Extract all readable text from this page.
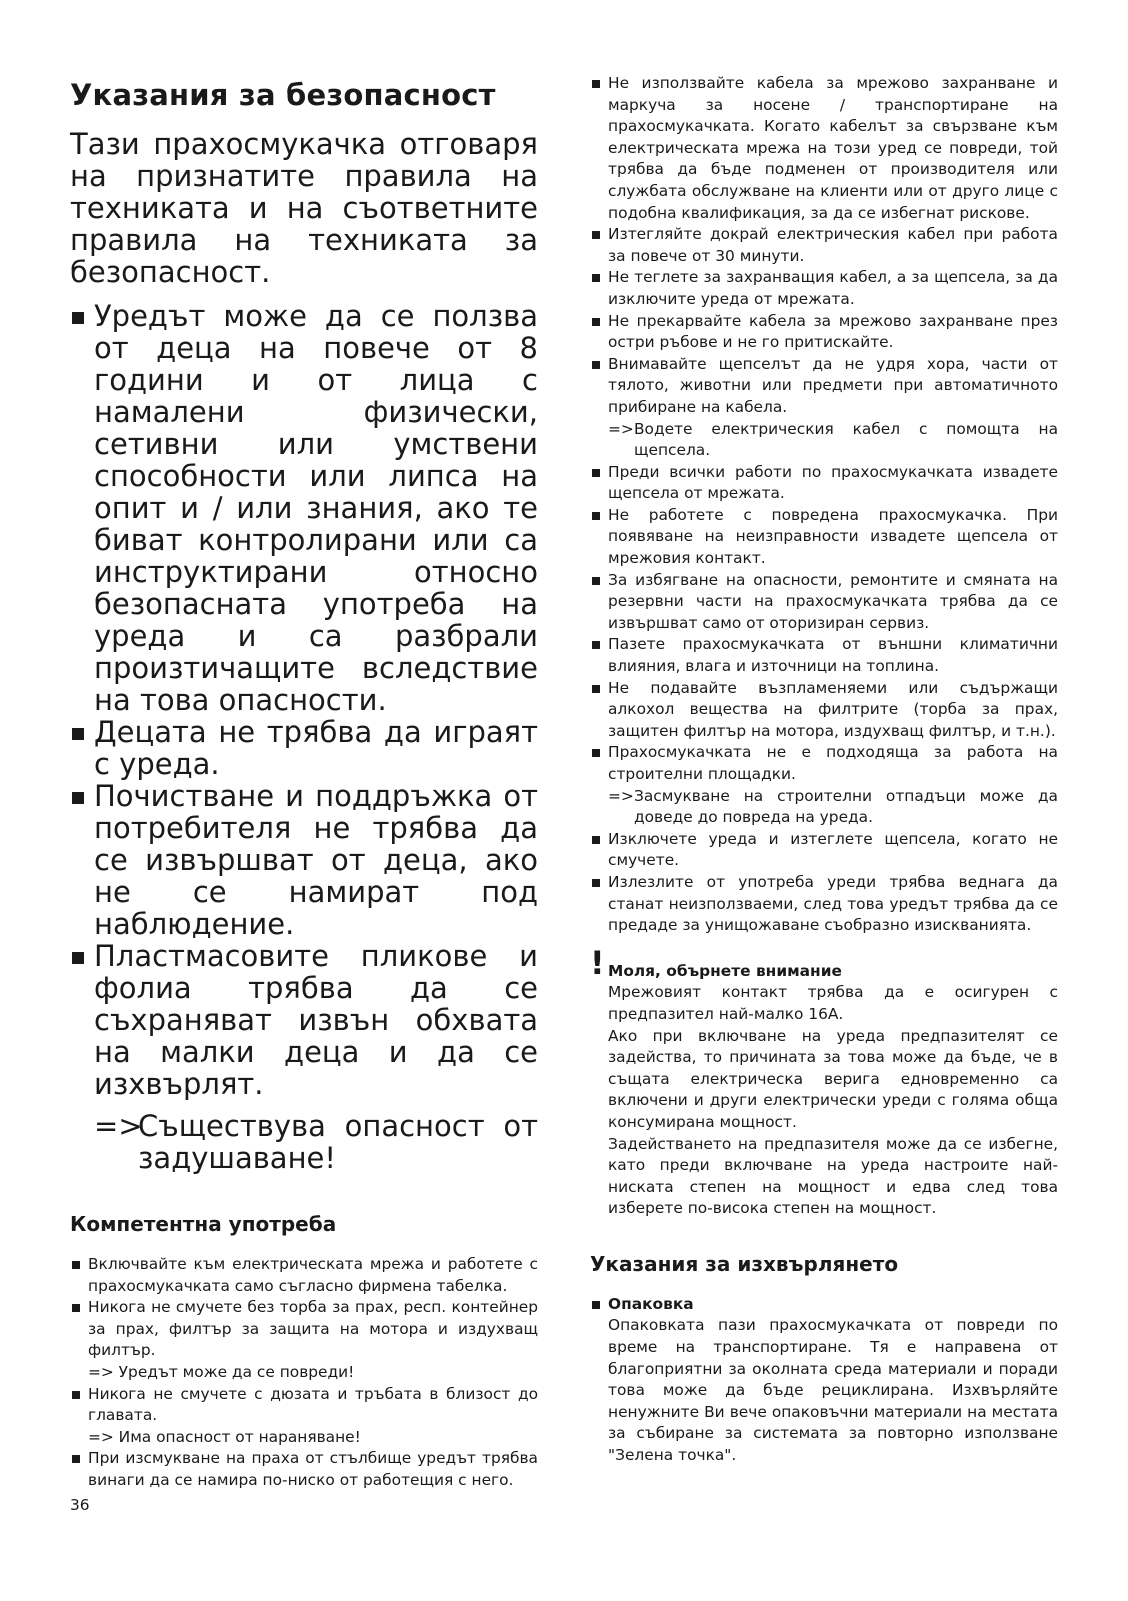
Указания за безопасност
Тази прахосмукачка отговаря на признатите правила на техниката и на съответните правила на техниката за безопасност.
Уредът може да се ползва от деца на повече от 8 години и от лица с намалени физически, сетивни или умствени способности или липса на опит и / или знания, ако те биват контролирани или са инструктирани относно безопасната употреба на уреда и са разбрали произтичащите вследствие на това опасности.
Децата не трябва да играят с уреда.
Почистване и поддръжка от потребителя не трябва да се извършват от деца, ако не се намират под наблюдение.
Пластмасовите пликове и фолиа трябва да се съхраняват извън обхвата на малки деца и да се изхвърлят.
=>
Съществува опасност от задушаване!
Компетентна употреба
Включвайте към електрическата мрежа и работете с прахосмукачката само съгласно фирмена табелка.
Никога не смучете без торба за прах, респ. контейнер за прах, филтър за защита на мотора и издухващ филтър.
=> Уредът може да се повреди!
Никога не смучете с дюзата и тръбата в близост до главата.
=> Има опасност от нараняване!
При изсмукване на праха от стълбище уредът трябва винаги да се намира по-ниско от работещия с него.
Не използвайте кабела за мрежово захранване и маркуча за носене / транспортиране на прахосмукачката. Когато кабелът за свързване към електрическата мрежа на този уред се повреди, той трябва да бъде подменен от производителя или службата обслужване на клиенти или от друго лице с подобна квалификация, за да се избегнат рискове.
Изтегляйте докрай електрическия кабел при работа за повече от 30 минути.
Не теглете за захранващия кабел, а за щепсела, за да изключите уреда от мрежата.
Не прекарвайте кабела за мрежово захранване през остри ръбове и не го притискайте.
Внимавайте щепселът да не удря хора, части от тялото, животни или предмети при автоматичното прибиране на кабела.
=> Водете електрическия кабел с помощта на щепсела.
Преди всички работи по прахосмукачката извадете щепсела от мрежата.
Не работете с повредена прахосмукачка. При появяване на неизправности извадете щепсела от мрежовия контакт.
За избягване на опасности, ремонтите и смяната на резервни части на прахосмукачката трябва да се извършват само от оторизиран сервиз.
Пазете прахосмукачката от външни климатични влияния, влага и източници на топлина.
Не подавайте възпламеняеми или съдържащи алкохол вещества на филтрите (торба за прах, защитен филтър на мотора, издухващ филтър, и т.н.).
Прахосмукачката не е подходяща за работа на строителни площадки.
=> Засмукване на строителни отпадъци може да доведе до повреда на уреда.
Изключете уреда и изтеглете щепсела, когато не смучете.
Излезлите от употреба уреди трябва веднага да станат неизползваеми, след това уредът трябва да се предаде за унищожаване съобразно изискванията.
! Моля, обърнете внимание
Мрежовият контакт трябва да е осигурен с предпазител най-малко 16А.
Ако при включване на уреда предпазителят се задейства, то причината за това може да бъде, че в същата електрическа верига едновременно са включени и други електрически уреди с голяма обща консумирана мощност.
Задействането на предпазителя може да се избегне, като преди включване на уреда настроите най-ниската степен на мощност и едва след това изберете по-висока степен на мощност.
Указания за изхвърлянето
Опаковка
Опаковката пази прахосмукачката от повреди по време на транспортиране. Тя е направена от благоприятни за околната среда материали и поради това може да бъде рециклирана. Изхвърляйте ненужните Ви вече опаковъчни материали на местата за събиране за системата за повторно използване "Зелена точка".
36
